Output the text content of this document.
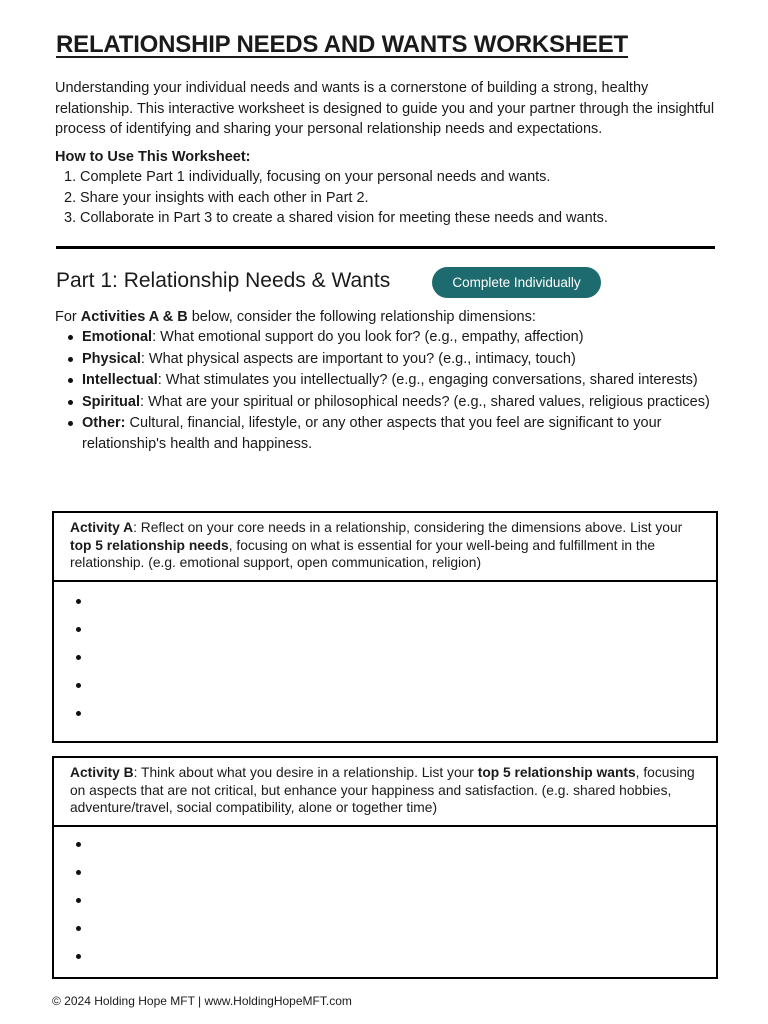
RELATIONSHIP NEEDS AND WANTS WORKSHEET

Understanding your individual needs and wants is a cornerstone of building a strong, healthy relationship. This interactive worksheet is designed to guide you and your partner through the insightful process of identifying and sharing your personal relationship needs and expectations.

How to Use This Worksheet:
1. Complete Part 1 individually, focusing on your personal needs and wants.
2. Share your insights with each other in Part 2.
3. Collaborate in Part 3 to create a shared vision for meeting these needs and wants.
Part 1: Relationship Needs & Wants	Complete Individually
For Activities A & B below, consider the following relationship dimensions:
Emotional: What emotional support do you look for? (e.g., empathy, affection)
Physical: What physical aspects are important to you? (e.g., intimacy, touch)
Intellectual: What stimulates you intellectually? (e.g., engaging conversations, shared interests)
Spiritual: What are your spiritual or philosophical needs? (e.g., shared values, religious practices)
Other: Cultural, financial, lifestyle, or any other aspects that you feel are significant to your relationship's health and happiness.
Activity A: Reflect on your core needs in a relationship, considering the dimensions above. List your top 5 relationship needs, focusing on what is essential for your well-being and fulfillment in the relationship. (e.g. emotional support, open communication, religion)
Activity B: Think about what you desire in a relationship. List your top 5 relationship wants, focusing on aspects that are not critical, but enhance your happiness and satisfaction. (e.g. shared hobbies, adventure/travel, social compatibility, alone or together time)
© 2024 Holding Hope MFT | www.HoldingHopeMFT.com
